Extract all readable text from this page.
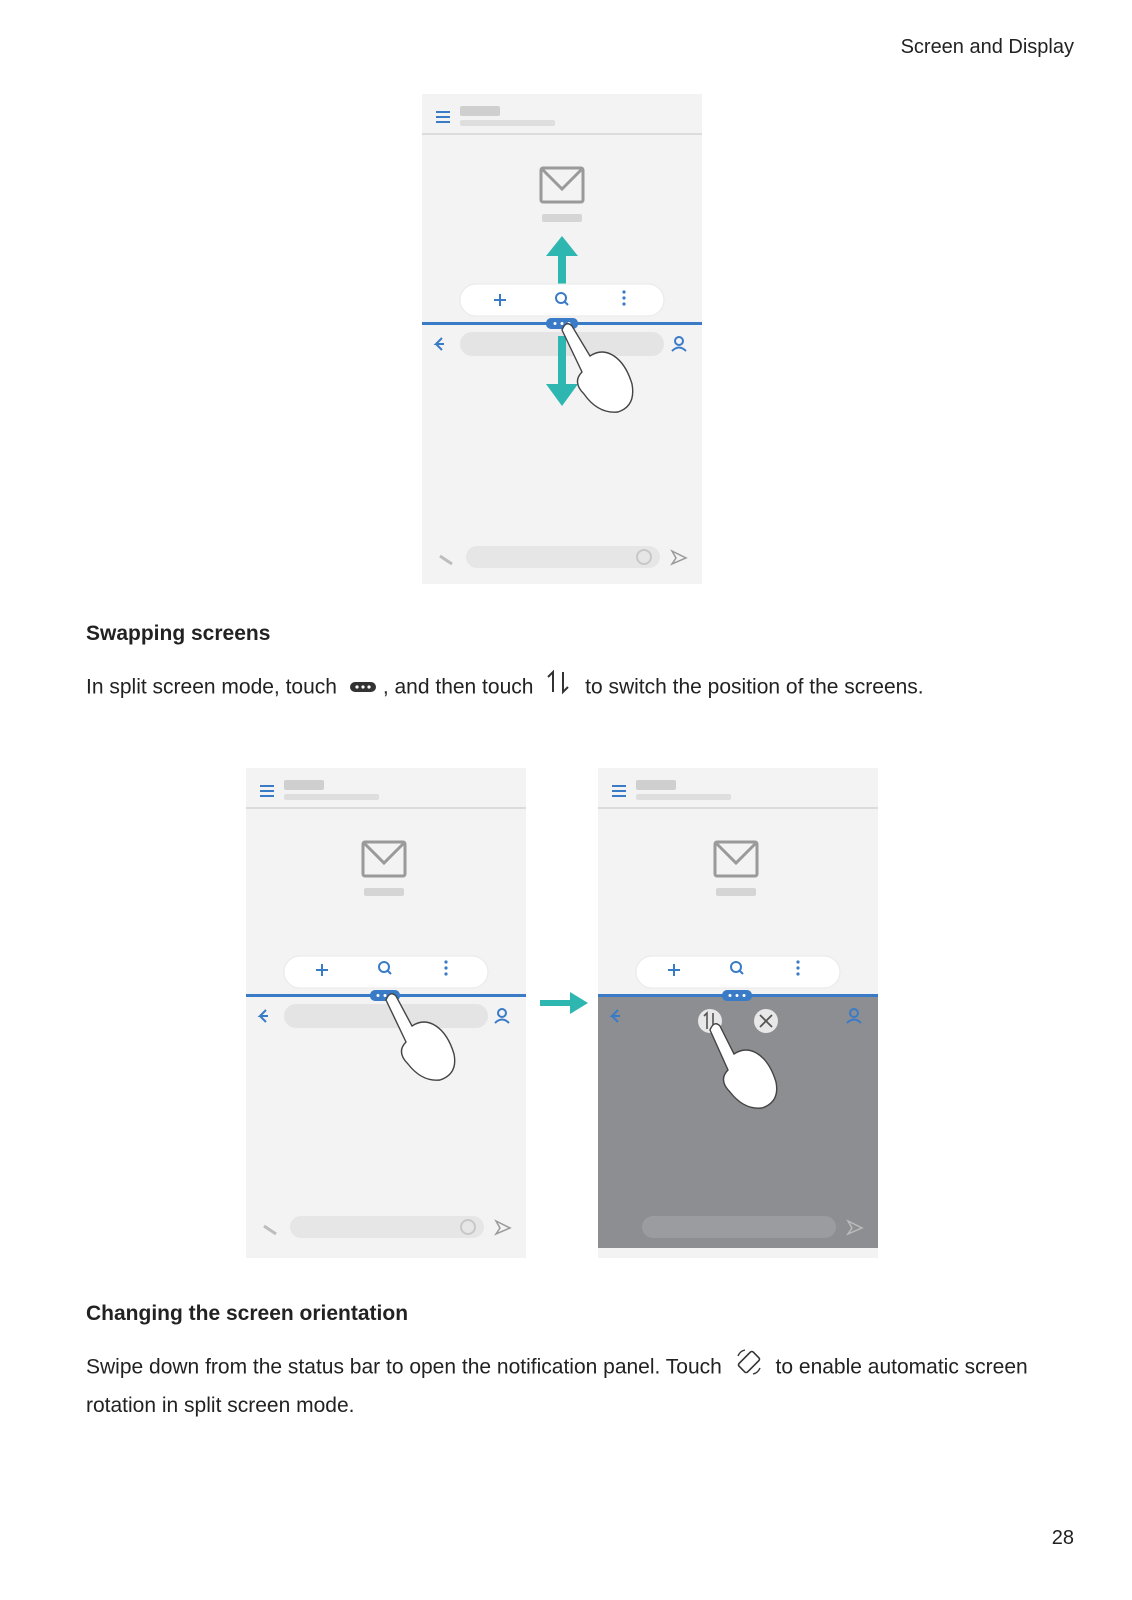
Screen and Display
Swapping screens
In split screen mode, touch , and then touch to switch the position of the screens.
Changing the screen orientation
Swipe down from the status bar to open the notification panel. Touch	to enable automatic screen rotation in split screen mode.
28
